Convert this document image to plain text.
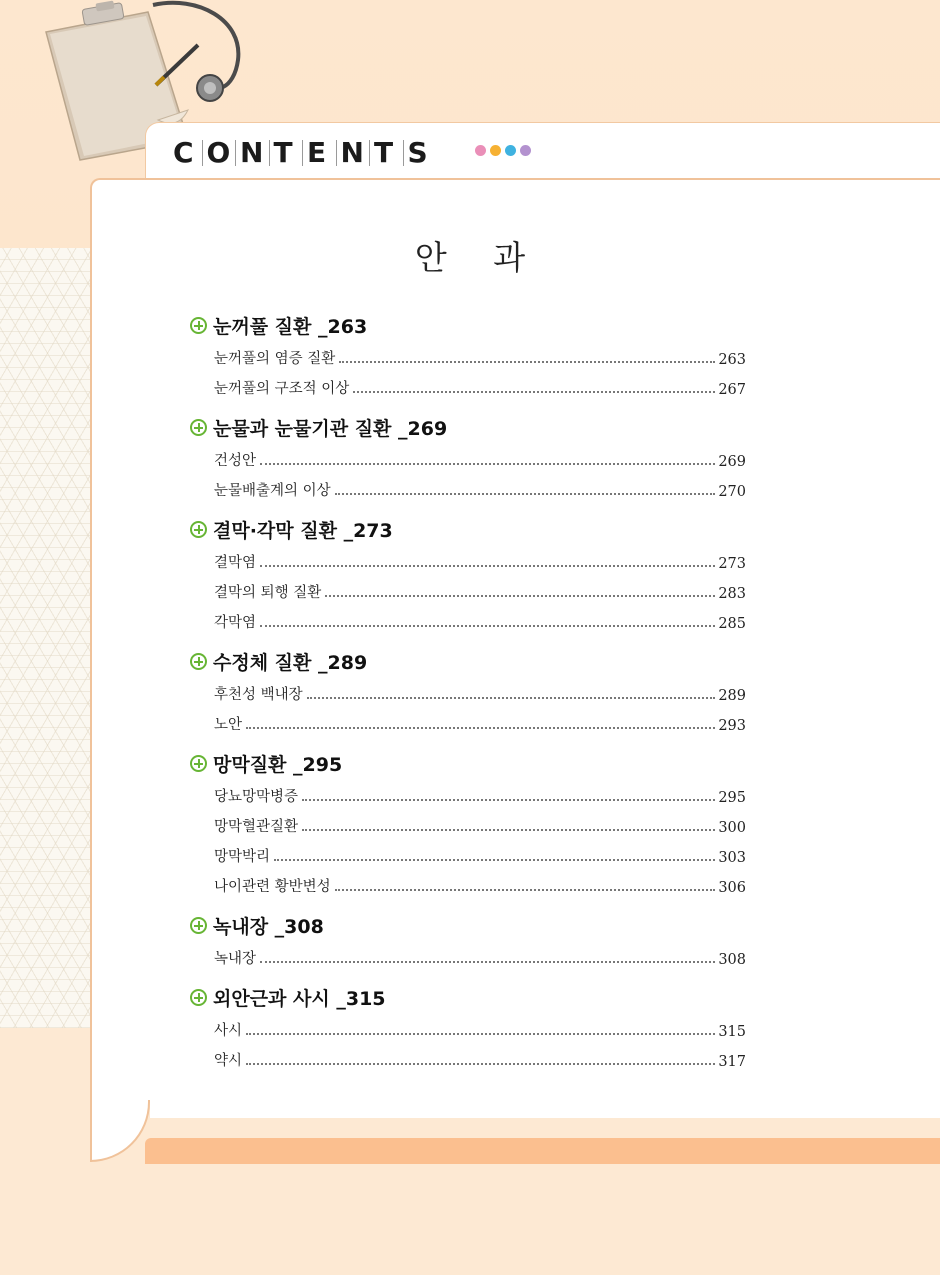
C O N T E N T S
안 과
눈꺼풀 질환 _263
눈꺼풀의 염증 질환	263
눈꺼풀의 구조적 이상	267
눈물과 눈물기관 질환 _269
건성안	269
눈물배출계의 이상	270
결막·각막 질환 _273
결막염	273
결막의 퇴행 질환	283
각막염	285
수정체 질환 _289
후천성 백내장	289
노안	293
망막질환 _295
당뇨망막병증	295
망막혈관질환	300
망막박리	303
나이관련 황반변성	306
녹내장 _308
녹내장	308
외안근과 사시 _315
사시	315
약시	317
